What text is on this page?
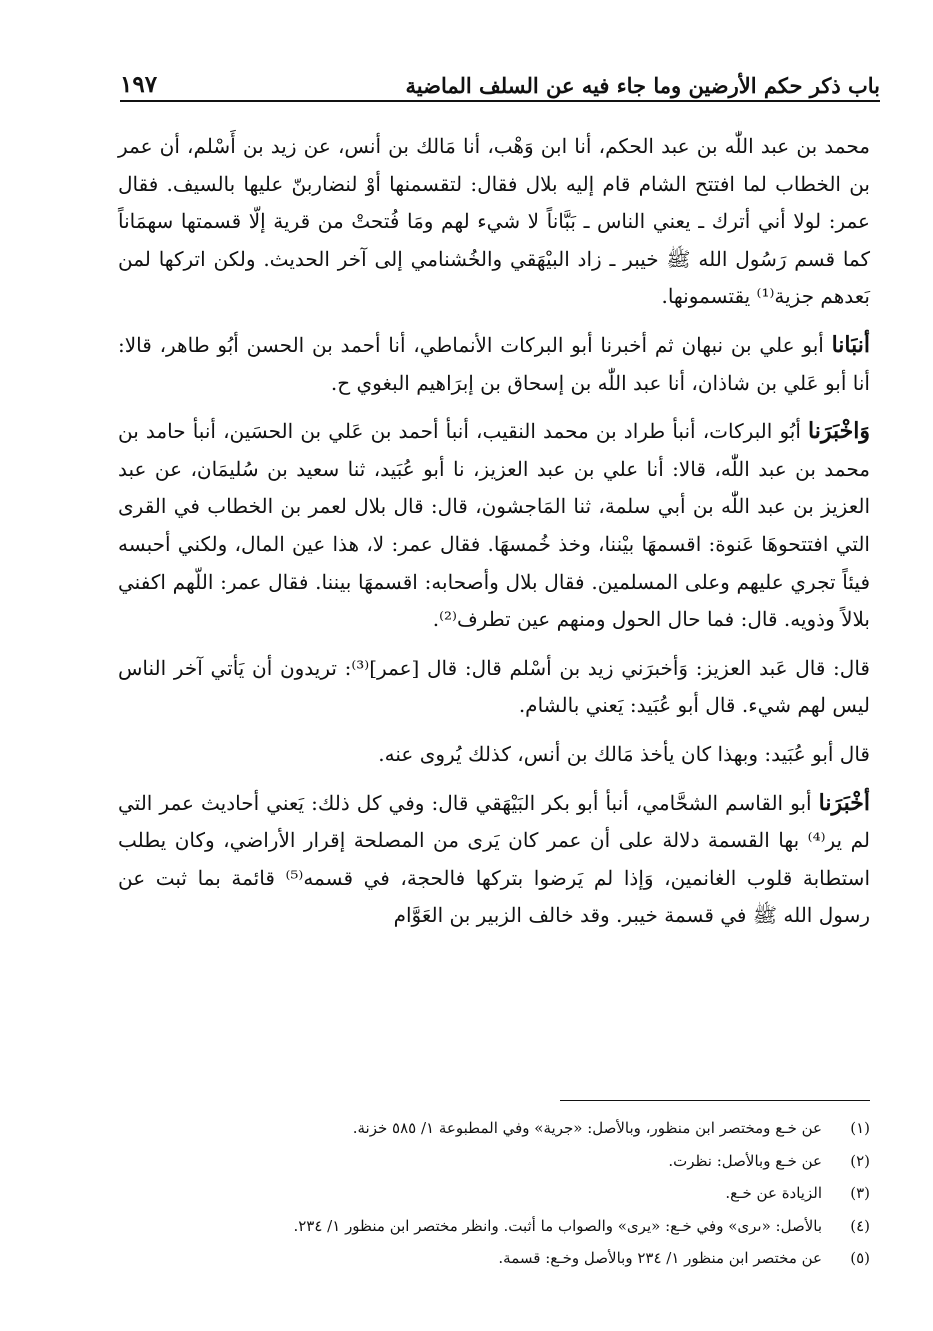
باب ذكر حكم الأرضين وما جاء فيه عن السلف الماضية
١٩٧

محمد بن عبد اللّٰه بن عبد الحكم، أنا ابن وَهْب، أنا مَالك بن أنس، عن زيد بن أَسْلم، أن عمر بن الخطاب لما افتتح الشام قام إليه بلال فقال: لتقسمنها أوْ لنضاربنّ عليها بالسيف. فقال عمر: لولا أني أترك ـ يعني الناس ـ بَبَّاناً لا شيء لهم ومَا فُتحتْ من قرية إلّا قسمتها سهمَاناً كما قسم رَسُول الله ﷺ خيبر ـ زاد البيْهَقي والخُشنامي إلى آخر الحديث. ولكن اتركها لمن بَعدهم جزية⁽¹⁾ يقتسمونها.

أنبَانا أبو علي بن نبهان ثم أخبرنا أبو البركات الأنماطي، أنا أحمد بن الحسن أبُو طاهر، قالا: أنا أبو عَلي بن شاذان، أنا عبد اللّٰه بن إسحاق بن إبرَاهيم البغوي ح.

وَاخْبَرَنا أبُو البركات، أنبأ طراد بن محمد النقيب، أنبأ أحمد بن عَلي بن الحسَين، أنبأ حامد بن محمد بن عبد اللّٰه، قالا: أنا علي بن عبد العزيز، نا أبو عُبَيد، ثنا سعيد بن سُليمَان، عن عبد العزيز بن عبد اللّٰه بن أبي سلمة، ثنا المَاجشون، قال: قال بلال لعمر بن الخطاب في القرى التي افتتحوهَا عَنوة: اقسمهَا بيْننا، وخذ خُمسهَا. فقال عمر: لا، هذا عين المال، ولكني أحبسه فيئاً تجري عليهم وعلى المسلمين. فقال بلال وأصحابه: اقسمهَا بيننا. فقال عمر: اللّهم اكفني بلالاً وذويه. قال: فما حال الحول ومنهم عين تطرف⁽²⁾.

قال: قال عَبد العزيز: وَأخبرَني زيد بن أسْلم قال: قال [عمر]⁽³⁾: تريدون أن يَأتي آخر الناس ليس لهم شيء. قال أبو عُبَيد: يَعني بالشام.

قال أبو عُبَيد: وبهذا كان يأخذ مَالك بن أنس، كذلك يُروى عنه.

أخْبَرَنا أبو القاسم الشحَّامي، أنبأ أبو بكر البَيْهَقي قال: وفي كل ذلك: يَعني أحاديث عمر التي لم ير⁽⁴⁾ بها القسمة دلالة على أن عمر كان يَرى من المصلحة إقرار الأراضي، وكان يطلب استطابة قلوب الغانمين، وَإذا لم يَرضوا بتركها فالحجة، في قسمه⁽⁵⁾ قائمة بما ثبت عن رسول الله ﷺ في قسمة خيبر. وقد خالف الزبير بن العَوَّام

(١)
عن خـع ومختصر ابن منظور، وبالأصل: «جرية» وفي المطبوعة ١/ ٥٨٥ خزنة.
(٢)
عن خـع وبالأصل: نظرت.
(٣)
الزيادة عن خـع.
(٤)
بالأصل: «ىرى» وفي خـع: «يرى» والصواب ما أثبت. وانظر مختصر ابن منظور ١/ ٢٣٤.
(٥)
عن مختصر ابن منظور ١/ ٢٣٤ وبالأصل وخـع: قسمة.
